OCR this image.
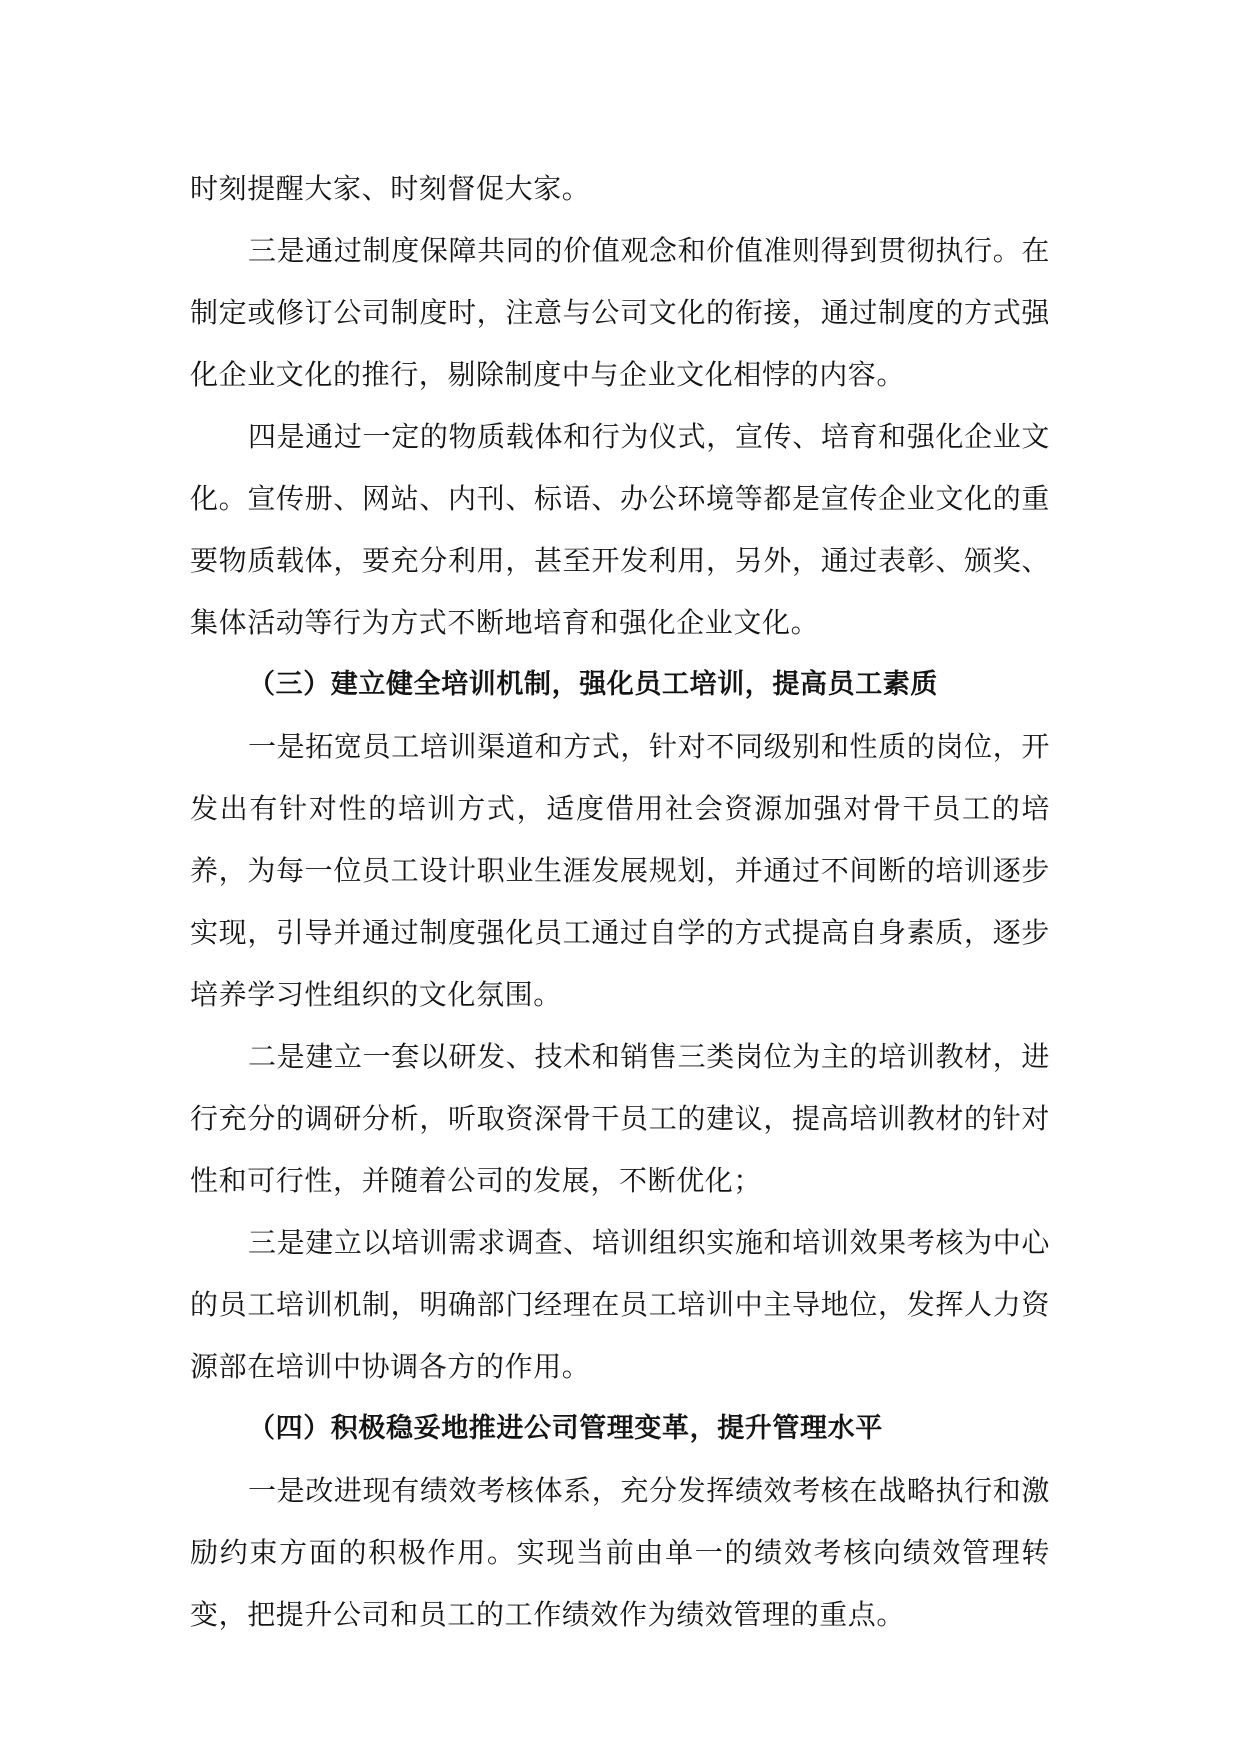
时刻提醒大家、时刻督促大家。

三是通过制度保障共同的价值观念和价值准则得到贯彻执行。在制定或修订公司制度时，注意与公司文化的衔接，通过制度的方式强化企业文化的推行，剔除制度中与企业文化相悖的内容。

四是通过一定的物质载体和行为仪式，宣传、培育和强化企业文化。宣传册、网站、内刊、标语、办公环境等都是宣传企业文化的重要物质载体，要充分利用，甚至开发利用，另外，通过表彰、颁奖、集体活动等行为方式不断地培育和强化企业文化。

（三）建立健全培训机制，强化员工培训，提高员工素质

一是拓宽员工培训渠道和方式，针对不同级别和性质的岗位，开发出有针对性的培训方式，适度借用社会资源加强对骨干员工的培养，为每一位员工设计职业生涯发展规划，并通过不间断的培训逐步实现，引导并通过制度强化员工通过自学的方式提高自身素质，逐步培养学习性组织的文化氛围。

二是建立一套以研发、技术和销售三类岗位为主的培训教材，进行充分的调研分析，听取资深骨干员工的建议，提高培训教材的针对性和可行性，并随着公司的发展，不断优化；

三是建立以培训需求调查、培训组织实施和培训效果考核为中心的员工培训机制，明确部门经理在员工培训中主导地位，发挥人力资源部在培训中协调各方的作用。

（四）积极稳妥地推进公司管理变革，提升管理水平

一是改进现有绩效考核体系，充分发挥绩效考核在战略执行和激励约束方面的积极作用。实现当前由单一的绩效考核向绩效管理转变，把提升公司和员工的工作绩效作为绩效管理的重点。
